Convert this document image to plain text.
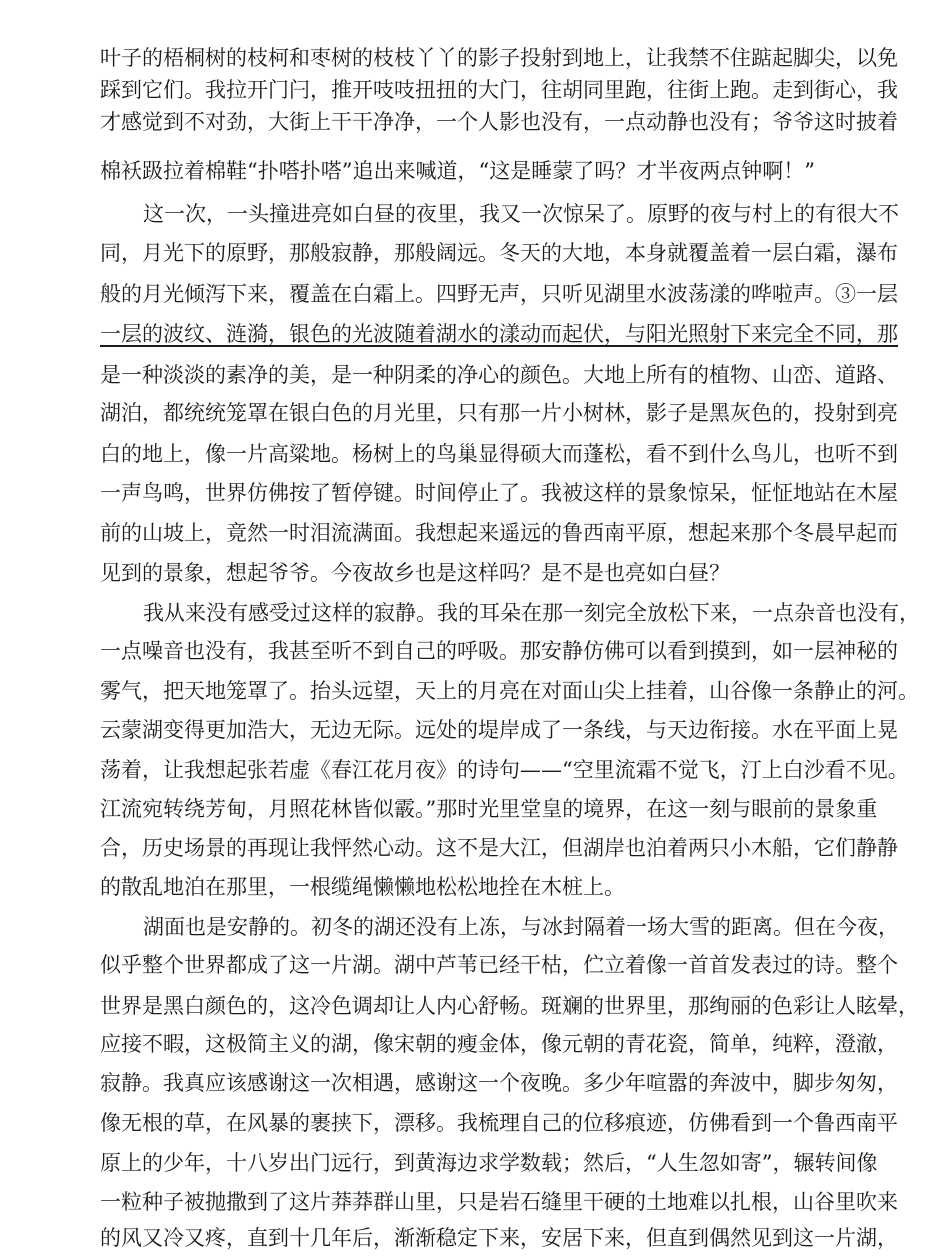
叶子的梧桐树的枝柯和枣树的枝枝丫丫的影子投射到地上，让我禁不住踮起脚尖，以免

踩到它们。我拉开门闩，推开吱吱扭扭的大门，往胡同里跑，往街上跑。走到街心，我

才感觉到不对劲，大街上干干净净，一个人影也没有，一点动静也没有；爷爷这时披着

棉袄趿拉着棉鞋“扑嗒扑嗒”追出来喊道，“这是睡蒙了吗？才半夜两点钟啊！”

这一次，一头撞进亮如白昼的夜里，我又一次惊呆了。原野的夜与村上的有很大不

同，月光下的原野，那般寂静，那般阔远。冬天的大地，本身就覆盖着一层白霜，瀑布

般的月光倾泻下来，覆盖在白霜上。四野无声，只听见湖里水波荡漾的哗啦声。③一层

一层的波纹、涟漪，银色的光波随着湖水的漾动而起伏，与阳光照射下来完全不同，那

是一种淡淡的素净的美，是一种阴柔的净心的颜色。大地上所有的植物、山峦、道路、

湖泊，都统统笼罩在银白色的月光里，只有那一片小树林，影子是黑灰色的，投射到亮

白的地上，像一片高粱地。杨树上的鸟巢显得硕大而蓬松，看不到什么鸟儿，也听不到

一声鸟鸣，世界仿佛按了暂停键。时间停止了。我被这样的景象惊呆，怔怔地站在木屋

前的山坡上，竟然一时泪流满面。我想起来遥远的鲁西南平原，想起来那个冬晨早起而

见到的景象，想起爷爷。今夜故乡也是这样吗？是不是也亮如白昼？

我从来没有感受过这样的寂静。我的耳朵在那一刻完全放松下来，一点杂音也没有，

一点噪音也没有，我甚至听不到自己的呼吸。那安静仿佛可以看到摸到，如一层神秘的

雾气，把天地笼罩了。抬头远望，天上的月亮在对面山尖上挂着，山谷像一条静止的河。

云蒙湖变得更加浩大，无边无际。远处的堤岸成了一条线，与天边衔接。水在平面上晃

荡着，让我想起张若虚《春江花月夜》的诗句——“空里流霜不觉飞，汀上白沙看不见。

江流宛转绕芳甸，月照花林皆似霰。”那时光里堂皇的境界，在这一刻与眼前的景象重

合，历史场景的再现让我怦然心动。这不是大江，但湖岸也泊着两只小木船，它们静静

的散乱地泊在那里，一根缆绳懒懒地松松地拴在木桩上。

湖面也是安静的。初冬的湖还没有上冻，与冰封隔着一场大雪的距离。但在今夜，

似乎整个世界都成了这一片湖。湖中芦苇已经干枯，伫立着像一首首发表过的诗。整个

世界是黑白颜色的，这冷色调却让人内心舒畅。斑斓的世界里，那绚丽的色彩让人眩晕，

应接不暇，这极简主义的湖，像宋朝的瘦金体，像元朝的青花瓷，简单，纯粹，澄澈，

寂静。我真应该感谢这一次相遇，感谢这一个夜晚。多少年喧嚣的奔波中，脚步匆匆，

像无根的草，在风暴的裹挟下，漂移。我梳理自己的位移痕迹，仿佛看到一个鲁西南平

原上的少年，十八岁出门远行，到黄海边求学数载；然后，“人生忽如寄”，辗转间像

一粒种子被抛撒到了这片莽莽群山里，只是岩石缝里干硬的土地难以扎根，山谷里吹来

的风又冷又疼，直到十几年后，渐渐稳定下来，安居下来，但直到偶然见到这一片湖，
